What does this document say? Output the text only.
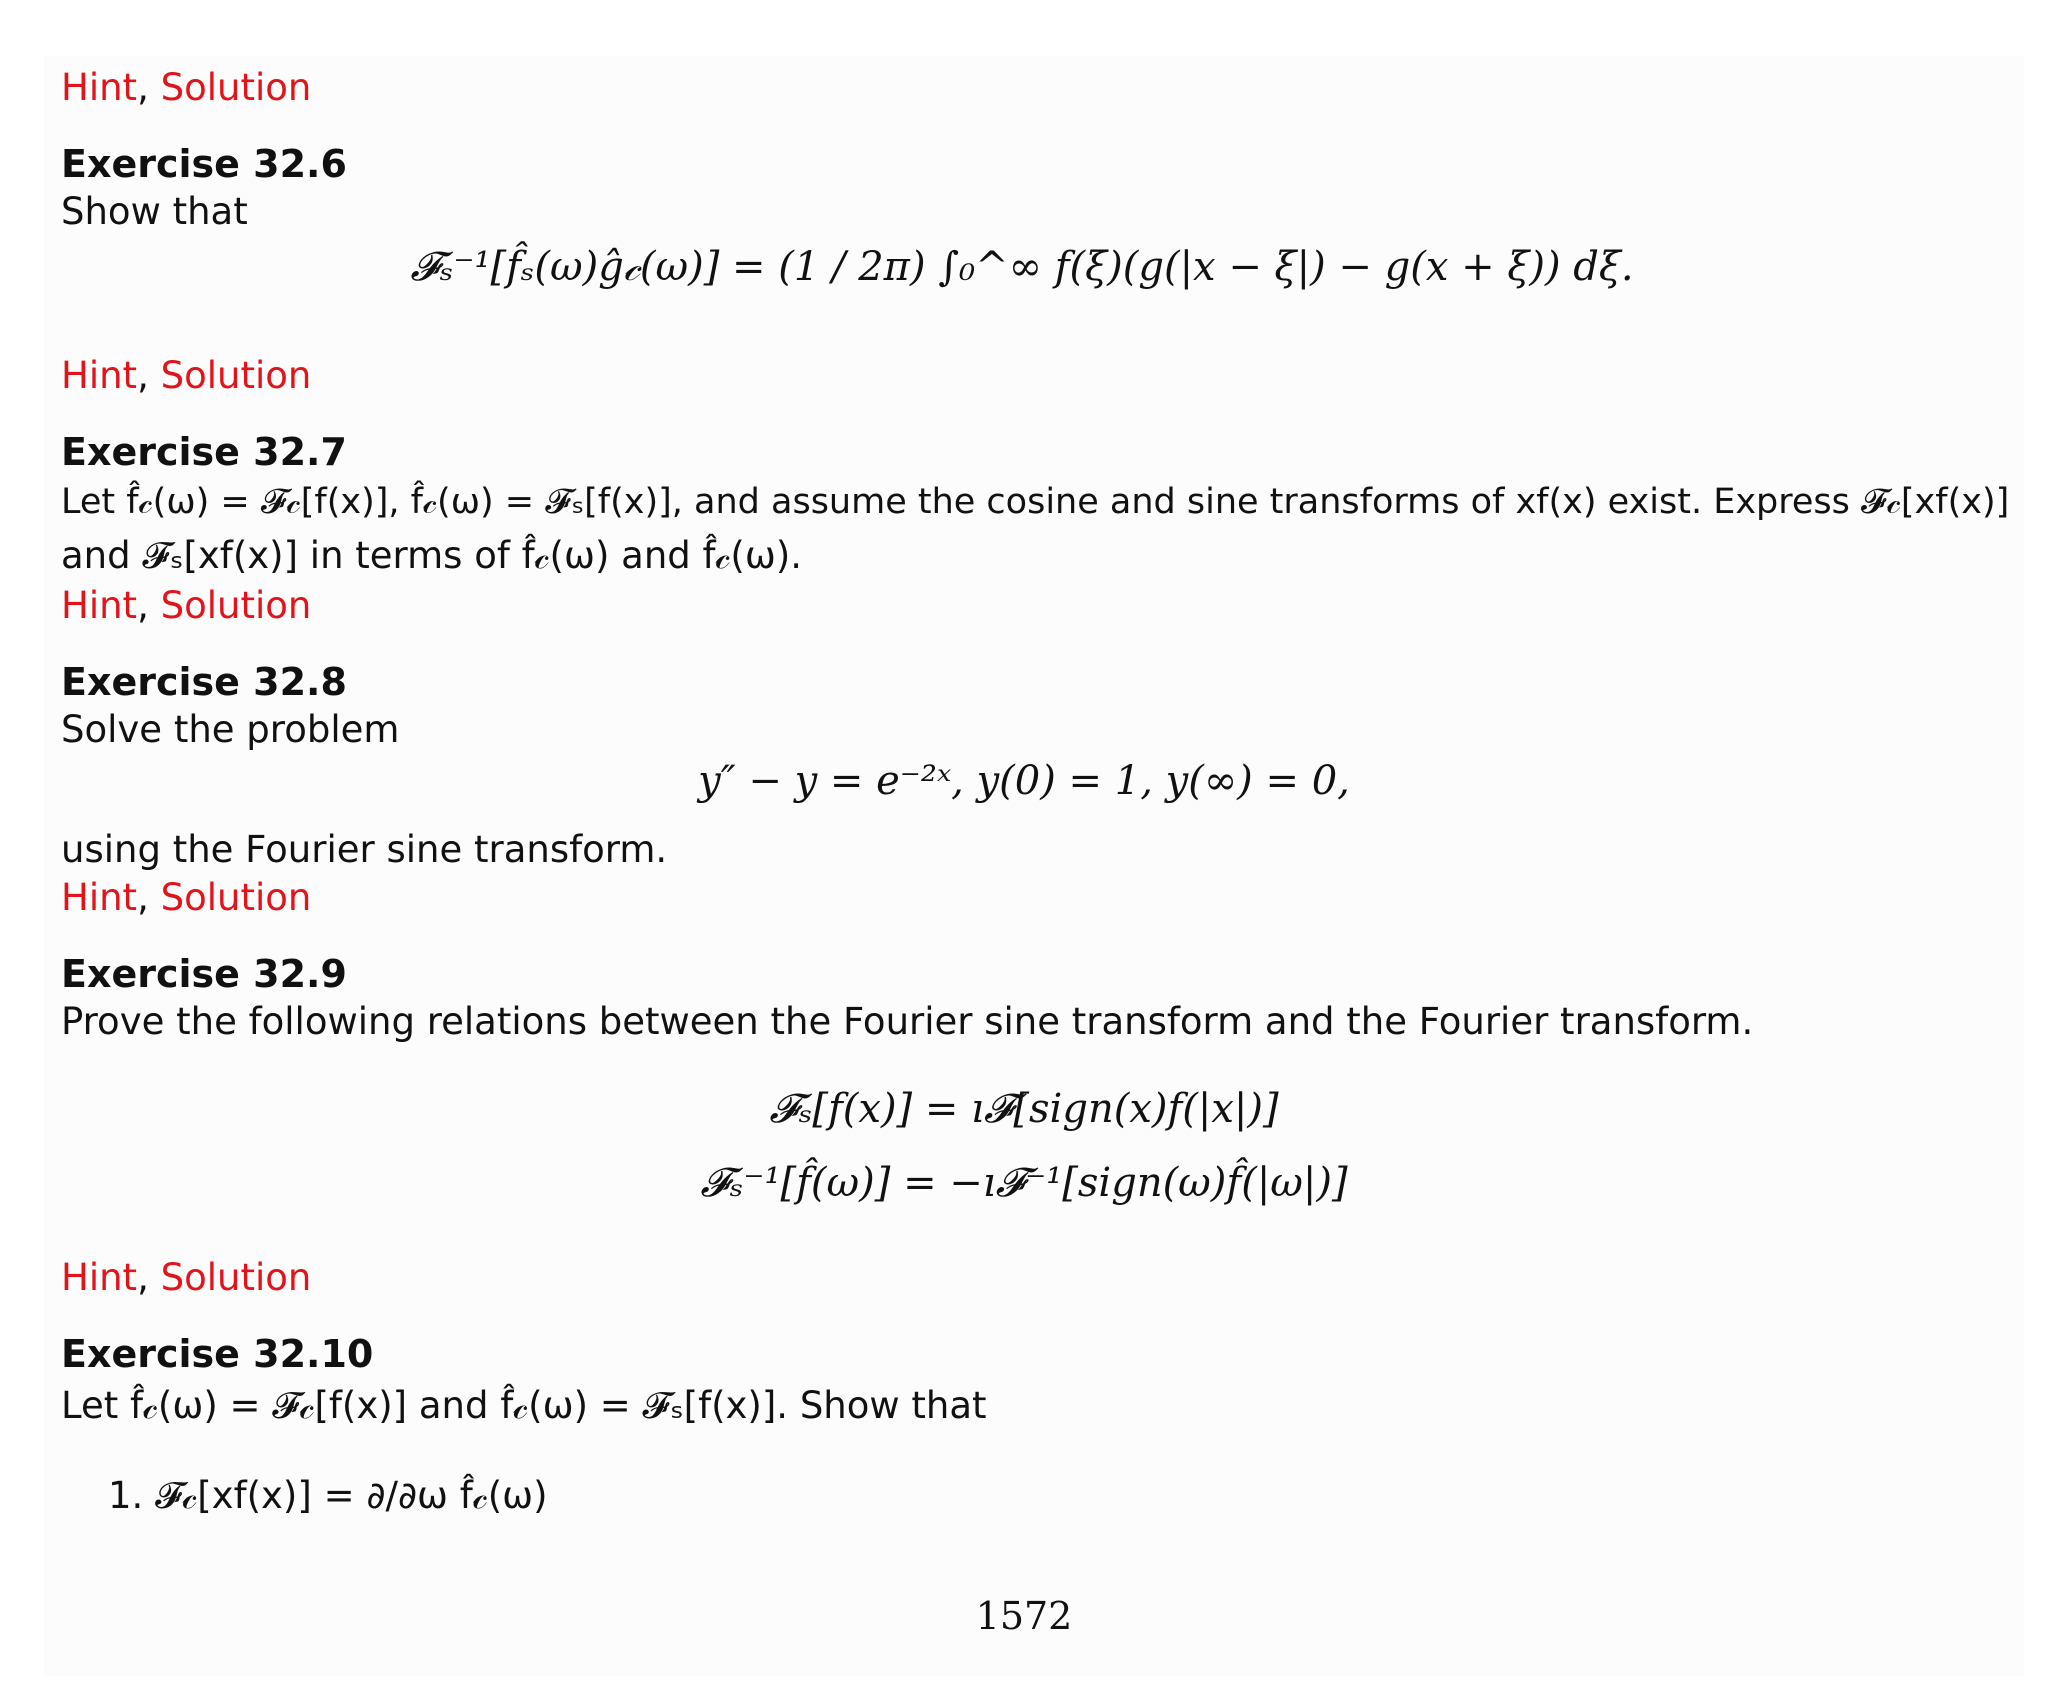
Hint, Solution
Exercise 32.6
Show that
𝓕ₛ⁻¹[f̂ₛ(ω)ĝ𝒸(ω)] = (1 / 2π) ∫₀^∞ f(ξ)(g(|x − ξ|) − g(x + ξ)) dξ.
Hint, Solution
Exercise 32.7
Let f̂𝒸(ω) = 𝓕𝒸[f(x)], f̂𝒸(ω) = 𝓕ₛ[f(x)], and assume the cosine and sine transforms of xf(x) exist. Express 𝓕𝒸[xf(x)]
and 𝓕ₛ[xf(x)] in terms of f̂𝒸(ω) and f̂𝒸(ω).
Hint, Solution
Exercise 32.8
Solve the problem
y″ − y = e⁻²ˣ, y(0) = 1, y(∞) = 0,
using the Fourier sine transform.
Hint, Solution
Exercise 32.9
Prove the following relations between the Fourier sine transform and the Fourier transform.
𝓕ₛ[f(x)] = ı𝓕[sign(x)f(|x|)]
𝓕ₛ⁻¹[f̂(ω)] = −ı𝓕⁻¹[sign(ω)f̂(|ω|)]
Hint, Solution
Exercise 32.10
Let f̂𝒸(ω) = 𝓕𝒸[f(x)] and f̂𝒸(ω) = 𝓕ₛ[f(x)]. Show that
1. 𝓕𝒸[xf(x)] = ∂/∂ω f̂𝒸(ω)
1572
